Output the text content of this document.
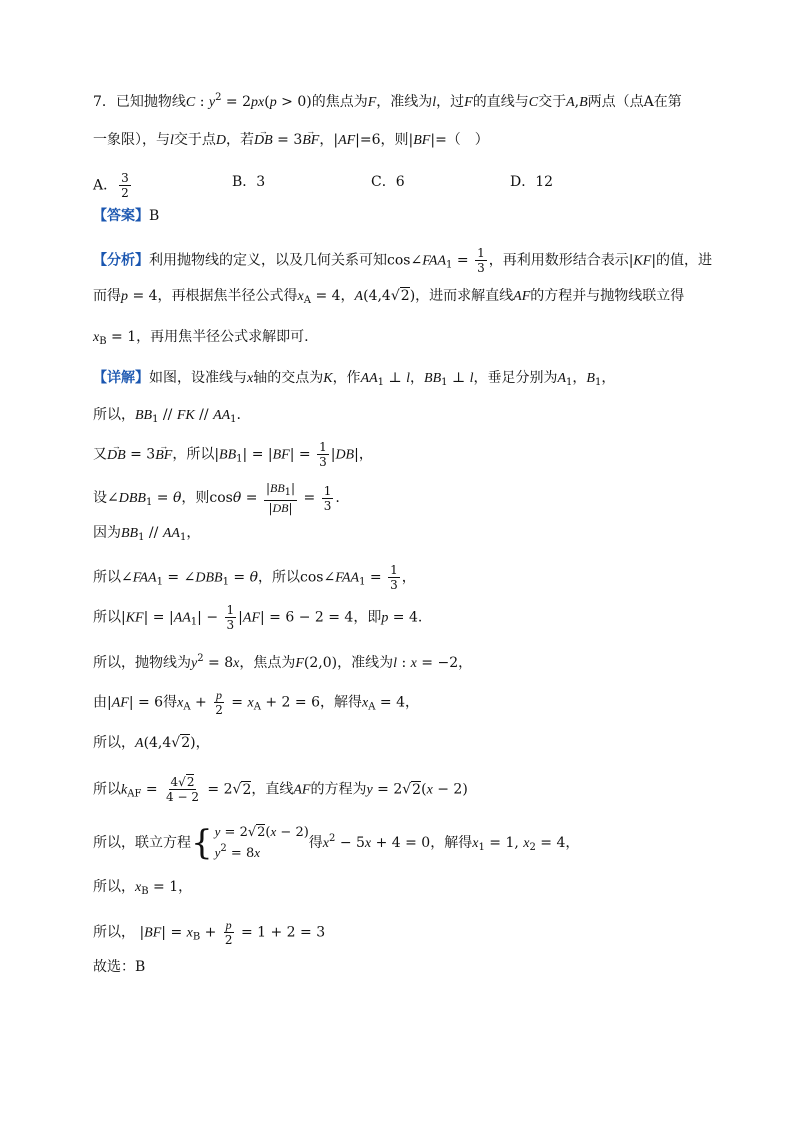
7．已知抛物线C : $y^2 = 2px(p > 0)$的焦点为F，准线为l，过F的直线与C交于A,B两点（点A在第
一象限），与l交于点D，若→ DB = 3→ BF，|AF|=6，则|BF|=（　）
A． $\frac{3}{2}$	B．3	C．6	D．12
【答案】B
【分析】利用抛物线的定义，以及几何关系可知$\cos\angle FAA_1 = \frac{1}{3}$ ，再利用数形结合表示|KF|的值，进
而得p = 4，再根据焦半径公式得$x_A = 4$，A(4,4√2)，进而求解直线AF的方程并与抛物线联立得
$x_B = 1$，再用焦半径公式求解即可.
【详解】如图，设准线与x轴的交点为K，作$AA_1$ ⊥ l，$BB_1$ ⊥ l，垂足分别为$A_1$，$B_1$，
所以，$BB_1$ // FK // $AA_1$.
又→ DB = 3→ BF，所以$|BB_1| = |BF| = \frac{1}{3} |DB|$，
设$\angle DBB_1 = \theta$，则$\cos\theta = \frac{|BB_1|}{|DB|} = \frac{1}{3}$ .
因为$BB_1 // AA_1$，
所以$\angle FAA_1$ = $\angle DBB_1 = \theta$，所以$\cos\angle FAA_1 = \frac{1}{3}$ ，
所以$|KF| = |AA_1| - \frac{1}{3} |AF| = 6 - 2 = 4$，即p = 4.
所以，抛物线为$y^2 = 8x$，焦点为F(2,0)，准线为l : x = −2，
由|AF| = 6得$x_A + \frac{p}{2} = x_A + 2 = 6$，解得$x_A = 4$，
所以，A(4,4√2)，
所以$k_{AF} = \frac{4√2}{4 - 2} = 2√2$，直线AF的方程为y = 2√2(x − 2)
所以，联立方程 { y = 2√2(x − 2)
$y^2 = 8x$
得$x^2 - 5x + 4 = 0$，解得$x_1 = 1$, $x_2 = 4$，
所以，$x_B = 1$，
所以， $|BF| = x_B + \frac{p}{2} = 1 + 2 = 3$
故选：B
